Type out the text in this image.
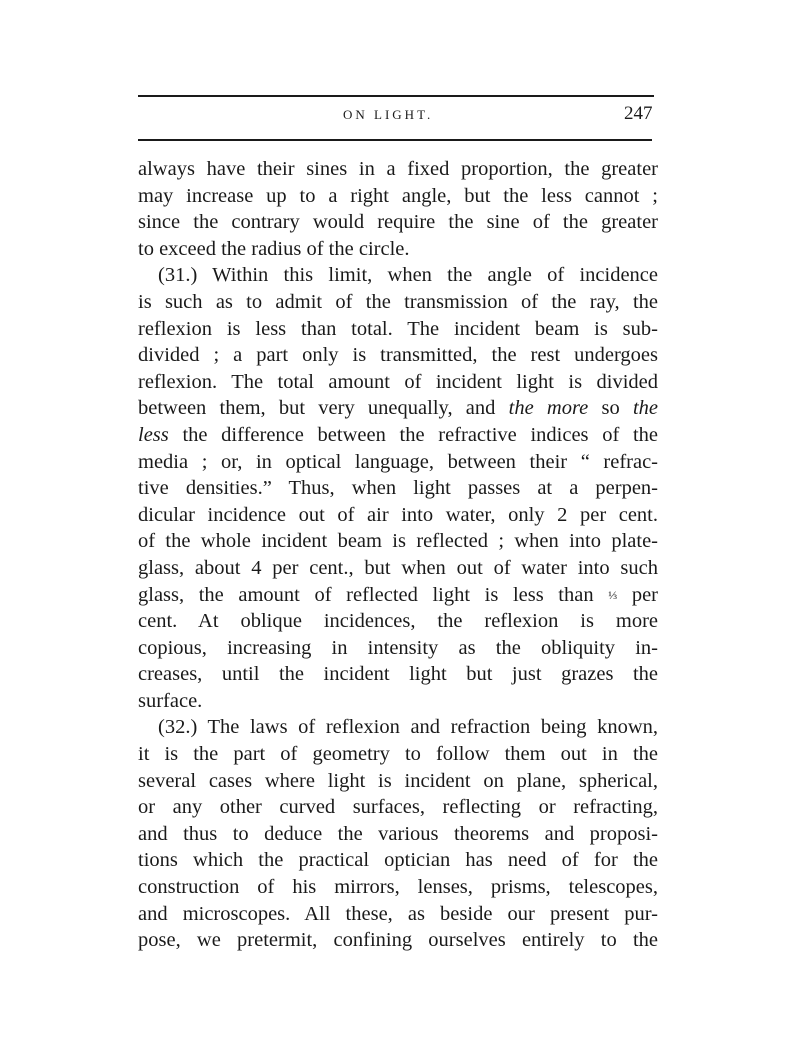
ON LIGHT.	247
always have their sines in a fixed proportion, the greater
may increase up to a right angle, but the less cannot ;
since the contrary would require the sine of the greater
to exceed the radius of the circle.
(31.) Within this limit, when the angle of incidence
is such as to admit of the transmission of the ray, the
reflexion is less than total. The incident beam is sub-
divided ; a part only is transmitted, the rest undergoes
reflexion. The total amount of incident light is divided
between them, but very unequally, and the more so the
less the difference between the refractive indices of the
media ; or, in optical language, between their “ refrac-
tive densities.” Thus, when light passes at a perpen-
dicular incidence out of air into water, only 2 per cent.
of the whole incident beam is reflected ; when into plate-
glass, about 4 per cent., but when out of water into such
glass, the amount of reflected light is less than ⅓ per
cent. At oblique incidences, the reflexion is more
copious, increasing in intensity as the obliquity in-
creases, until the incident light but just grazes the
surface.
(32.) The laws of reflexion and refraction being known,
it is the part of geometry to follow them out in the
several cases where light is incident on plane, spherical,
or any other curved surfaces, reflecting or refracting,
and thus to deduce the various theorems and proposi-
tions which the practical optician has need of for the
construction of his mirrors, lenses, prisms, telescopes,
and microscopes. All these, as beside our present pur-
pose, we pretermit, confining ourselves entirely to the
